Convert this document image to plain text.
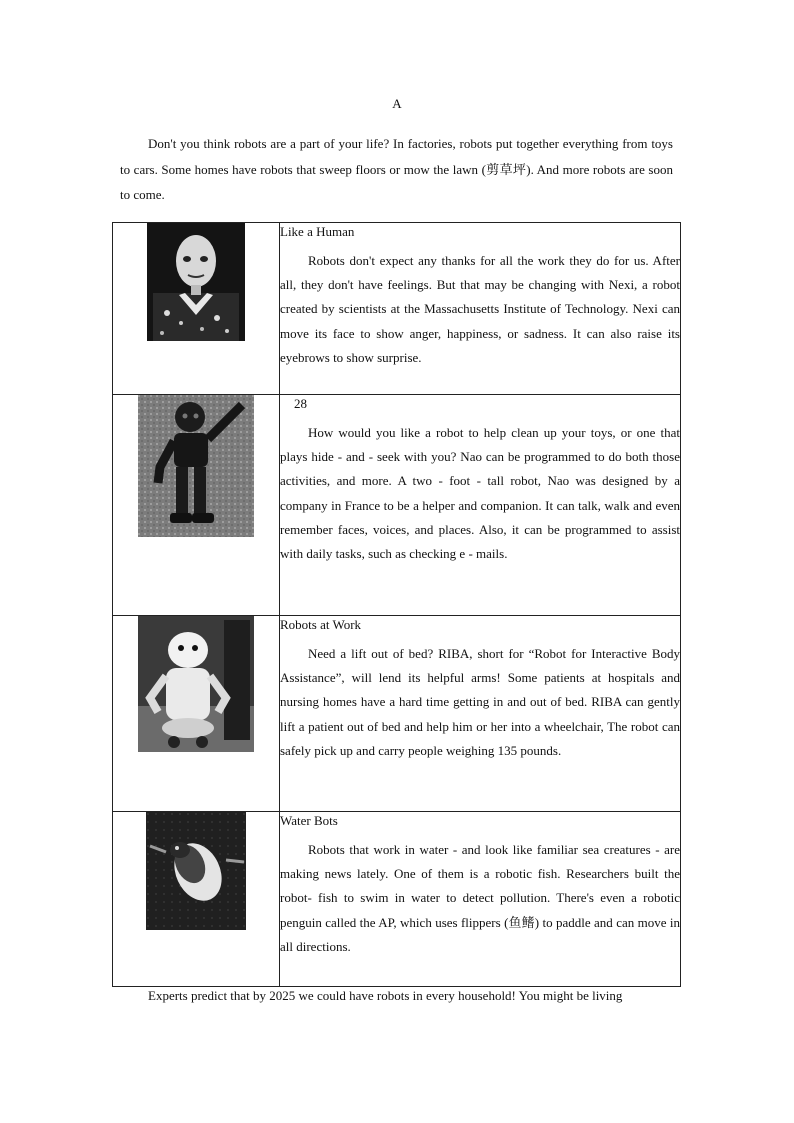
A

Don't you think robots are a part of your life? In factories, robots put together everything from toys to cars. Some homes have robots that sweep floors or mow the lawn (剪草坪). And more robots are soon to come.

Like a Human

Robots don't expect any thanks for all the work they do for us. After all, they don't have feelings. But that may be changing with Nexi, a robot created by scientists at the Massachusetts Institute of Technology. Nexi can move its face to show anger, happiness, or sadness. It can also raise its eyebrows to show surprise.

28

How would you like a robot to help clean up your toys, or one that plays hide - and - seek with you? Nao can be programmed to do both those activities, and more. A two - foot - tall robot, Nao was designed by a company in France to be a helper and companion. It can talk, walk and even remember faces, voices, and places. Also, it can be programmed to assist with daily tasks, such as checking e - mails.

Robots at Work

Need a lift out of bed? RIBA, short for “Robot for Interactive Body Assistance”, will lend its helpful arms! Some patients at hospitals and nursing homes have a hard time getting in and out of bed. RIBA can gently lift a patient out of bed and help him or her into a wheelchair, The robot can safely pick up and carry people weighing 135 pounds.

Water Bots

Robots that work in water - and look like familiar sea creatures - are making news lately. One of them is a robotic fish. Researchers built the robot- fish to swim in water to detect pollution. There's even a robotic penguin called the AP, which uses flippers (鱼鳍) to paddle and can move in all directions.

Experts predict that by 2025 we could have robots in every household! You might be living
